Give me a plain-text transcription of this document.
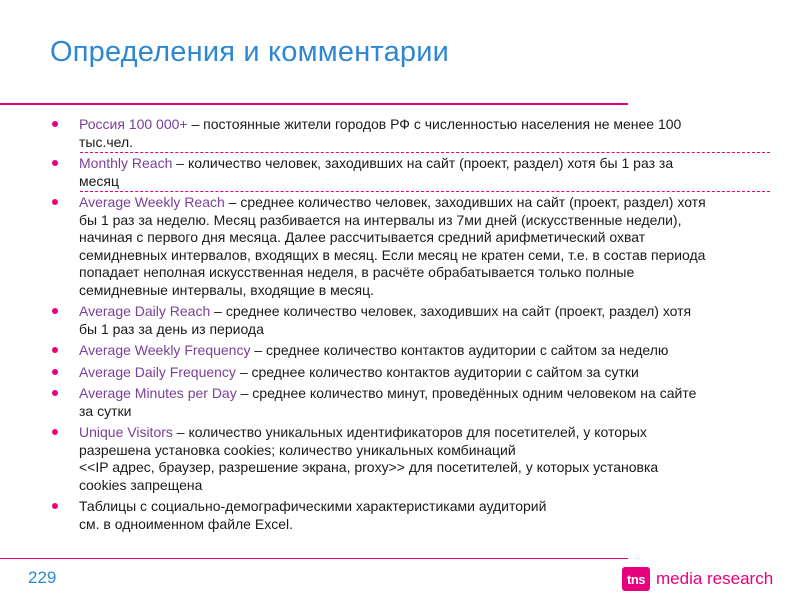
Определения и комментарии
Россия 100 000+ – постоянные жители городов РФ с численностью населения не менее 100
тыс.чел.
Monthly Reach – количество человек, заходивших на сайт (проект, раздел) хотя бы 1 раз за
месяц
Average Weekly Reach – среднее количество человек, заходивших на сайт (проект, раздел) хотя
бы 1 раз за неделю. Месяц разбивается на интервалы из 7ми дней (искусственные недели),
начиная с первого дня месяца. Далее рассчитывается средний арифметический охват
семидневных интервалов, входящих в месяц. Если месяц не кратен семи, т.е. в состав периода
попадает неполная искусственная неделя, в расчёте обрабатывается только полные
семидневные интервалы, входящие в месяц.
Average Daily Reach – среднее количество человек, заходивших на сайт (проект, раздел) хотя
бы 1 раз за день из периода
Average Weekly Frequency – среднее количество контактов аудитории с сайтом за неделю
Average Daily Frequency – среднее количество контактов аудитории с сайтом за сутки
Average Minutes per Day – среднее количество минут, проведённых одним человеком на сайте
за сутки
Unique Visitors – количество уникальных идентификаторов для посетителей, у которых
разрешена установка cookies; количество уникальных комбинаций
<<IP адрес, браузер, разрешение экрана, proxy>> для посетителей, у которых установка
cookies запрещена
Таблицы с социально-демографическими характеристиками аудиторий
см. в одноименном файле Excel.
229	tns media research
